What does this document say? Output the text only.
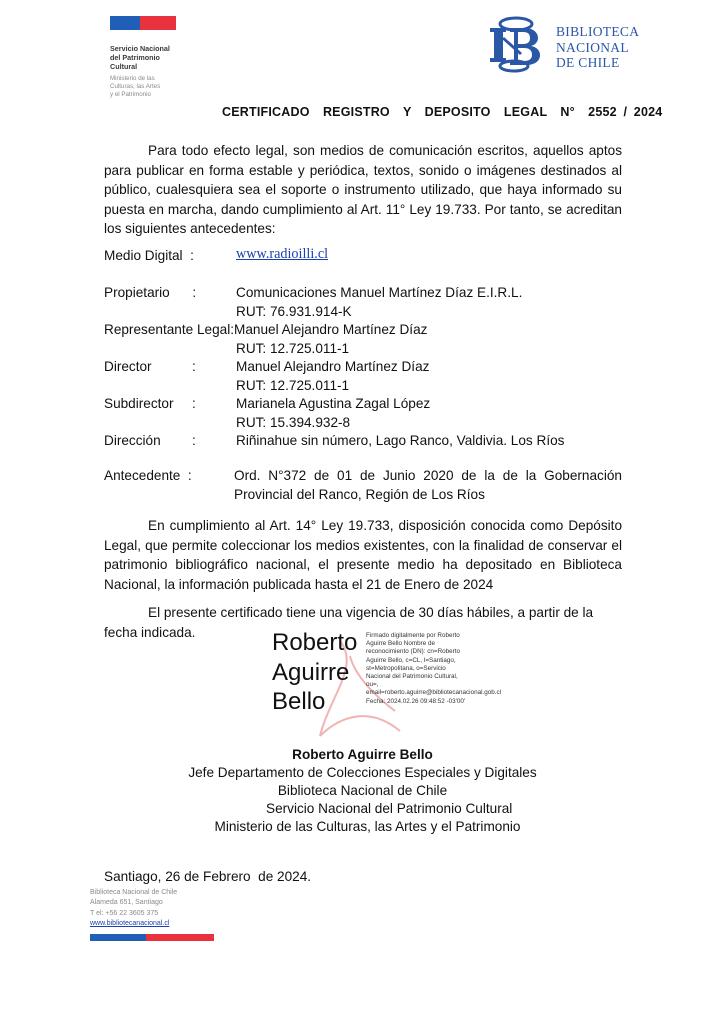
Servicio Nacional
del Patrimonio
Cultural
Ministerio de las
Culturas, las Artes
y el Patrimonio
BIBLIOTECA
NACIONAL
DE CHILE
CERTIFICADO  REGISTRO  Y  DEPOSITO  LEGAL  N°  2552 / 2024
Para todo efecto legal, son medios de comunicación escritos, aquellos aptos para publicar en forma estable y periódica, textos, sonido o imágenes destinados al público, cualesquiera sea el soporte o instrumento utilizado, que haya informado su puesta en marcha, dando cumplimiento al Art. 11° Ley 19.733. Por tanto, se acreditan los siguientes antecedentes:
Medio Digital  :	www.radioilli.cl
Propietario      :	Comunicaciones Manuel Martínez Díaz E.I.R.L.
RUT: 76.931.914-K
Representante Legal: Manuel Alejandro Martínez Díaz
RUT: 12.725.011-1
Director	:	Manuel Alejandro Martínez Díaz
RUT: 12.725.011-1
Subdirector :	Marianela Agustina Zagal López
RUT: 15.394.932-8
Dirección :	Riñinahue sin número, Lago Ranco, Valdivia. Los Ríos
Antecedente  :	Ord. N°372 de 01 de Junio 2020 de la de la Gobernación Provincial del Ranco, Región de Los Ríos
En cumplimiento al Art. 14° Ley 19.733, disposición conocida como Depósito Legal, que permite coleccionar los medios existentes, con la finalidad de conservar el patrimonio bibliográfico nacional, el presente medio ha depositado en Biblioteca Nacional, la información publicada hasta el 21 de Enero de 2024
El presente certificado tiene una vigencia de 30 días hábiles, a partir de la fecha indicada.	Roberto
Aguirre
Bello
Firmado digitalmente por Roberto Aguirre Bello Nombre de reconocimiento (DN): cn=Roberto Aguirre Bello, c=CL, l=Santiago, st=Metropolitana, o=Servicio Nacional del Patrimonio Cultural, ou=, email=roberto.aguirre@bibliotecanacional.gob.cl Fecha: 2024.02.26 09:48:52 -03'00'
Roberto Aguirre Bello
Jefe Departamento de Colecciones Especiales y Digitales
Biblioteca Nacional de Chile
Servicio Nacional del Patrimonio Cultural
Ministerio de las Culturas, las Artes y el Patrimonio
Santiago, 26 de Febrero  de 2024.
Biblioteca Nacional de Chile
Alameda 651, Santiago
T el: +56 22 3605 375
www.bibliotecanacional.cl
